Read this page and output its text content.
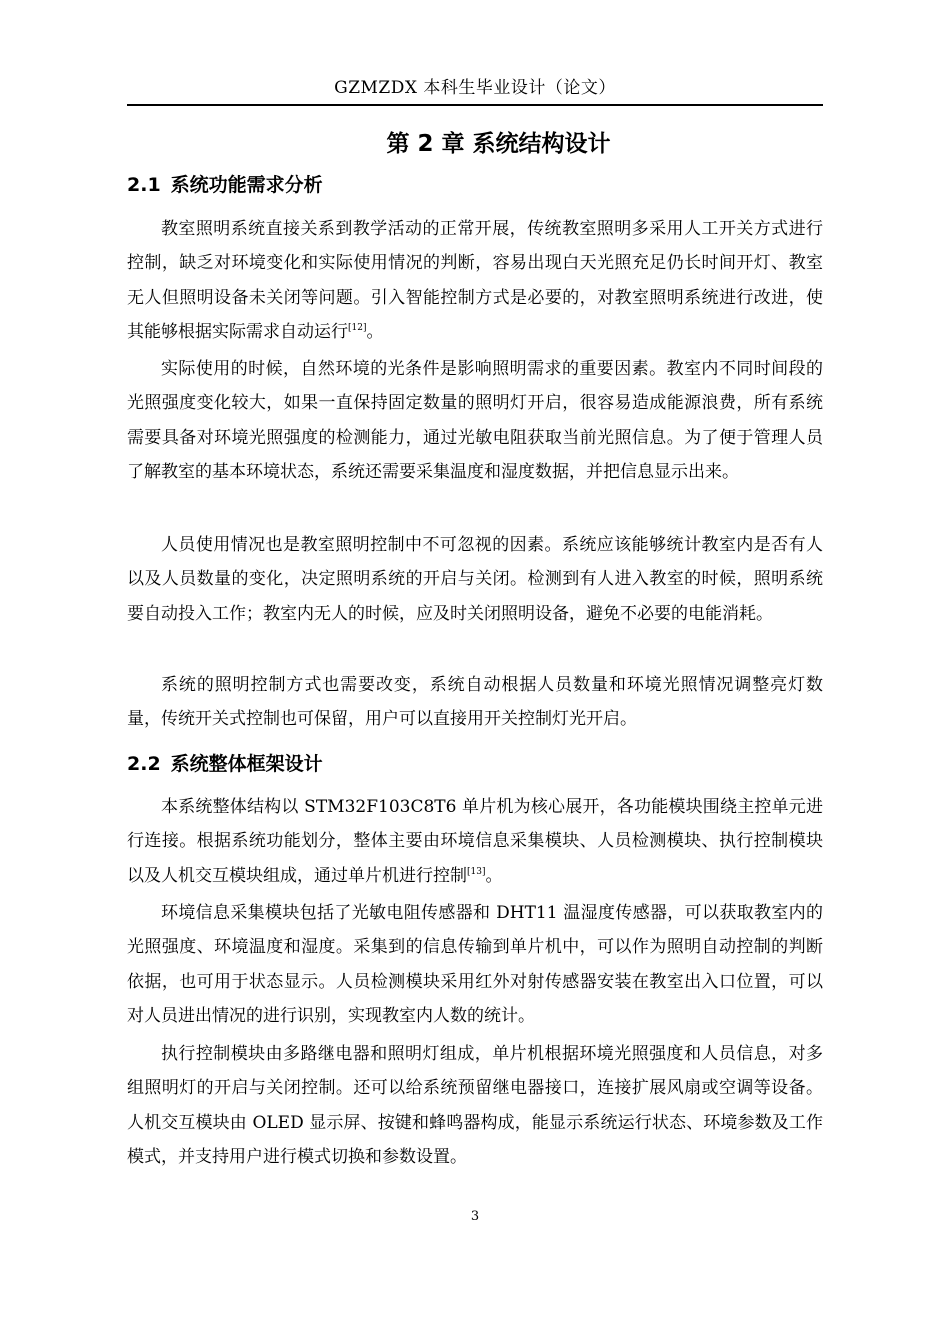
GZMZDX 本科生毕业设计（论文）
第 2 章 系统结构设计
2.1 系统功能需求分析

教室照明系统直接关系到教学活动的正常开展，传统教室照明多采用人工开关方式进行控制，缺乏对环境变化和实际使用情况的判断，容易出现白天光照充足仍长时间开灯、教室无人但照明设备未关闭等问题。引入智能控制方式是必要的，对教室照明系统进行改进，使其能够根据实际需求自动运行[12]。

实际使用的时候，自然环境的光条件是影响照明需求的重要因素。教室内不同时间段的光照强度变化较大，如果一直保持固定数量的照明灯开启，很容易造成能源浪费，所有系统需要具备对环境光照强度的检测能力，通过光敏电阻获取当前光照信息。为了便于管理人员了解教室的基本环境状态，系统还需要采集温度和湿度数据，并把信息显示出来。

人员使用情况也是教室照明控制中不可忽视的因素。系统应该能够统计教室内是否有人以及人员数量的变化，决定照明系统的开启与关闭。检测到有人进入教室的时候，照明系统要自动投入工作；教室内无人的时候，应及时关闭照明设备，避免不必要的电能消耗。

系统的照明控制方式也需要改变，系统自动根据人员数量和环境光照情况调整亮灯数量，传统开关式控制也可保留，用户可以直接用开关控制灯光开启。

2.2 系统整体框架设计

本系统整体结构以 STM32F103C8T6 单片机为核心展开，各功能模块围绕主控单元进行连接。根据系统功能划分，整体主要由环境信息采集模块、人员检测模块、执行控制模块以及人机交互模块组成，通过单片机进行控制[13]。

环境信息采集模块包括了光敏电阻传感器和 DHT11 温湿度传感器，可以获取教室内的光照强度、环境温度和湿度。采集到的信息传输到单片机中，可以作为照明自动控制的判断依据，也可用于状态显示。人员检测模块采用红外对射传感器安装在教室出入口位置，可以对人员进出情况的进行识别，实现教室内人数的统计。

执行控制模块由多路继电器和照明灯组成，单片机根据环境光照强度和人员信息，对多组照明灯的开启与关闭控制。还可以给系统预留继电器接口，连接扩展风扇或空调等设备。人机交互模块由 OLED 显示屏、按键和蜂鸣器构成，能显示系统运行状态、环境参数及工作模式，并支持用户进行模式切换和参数设置。

3
